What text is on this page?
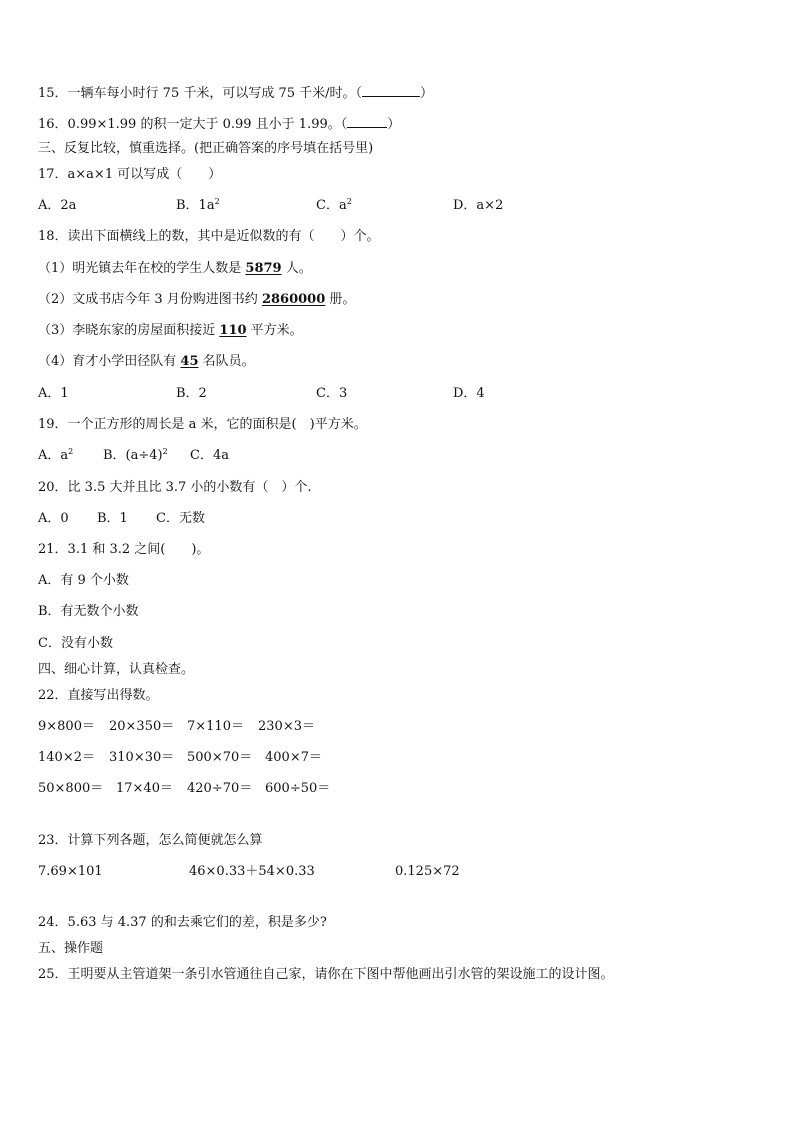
15．一辆车每小时行 75 千米，可以写成 75 千米/时。（	）
16．0.99×1.99 的积一定大于 0.99 且小于 1.99。（	）
三、反复比较，慎重选择。(把正确答案的序号填在括号里)
17．a×a×1 可以写成（　　）
A．2a	B．$1a^2$	C．$a^2$	D．a×2
18．读出下面横线上的数，其中是近似数的有（　　）个。
（1）明光镇去年在校的学生人数是 5879 人。
（2）文成书店今年 3 月份购进图书约 2860000 册。
（3）李晓东家的房屋面积接近 110 平方米。
（4）育才小学田径队有 45 名队员。
A．1	B．2	C．3	D．4
19．一个正方形的周长是 a 米，它的面积是(　)平方米。
A．$a^2$ B．$(a\div 4)^2$ C．4a
20．比 3.5 大并且比 3.7 小的小数有（　）个.
A．0 B．1 C．无数
21．3.1 和 3.2 之间(　　)。
A．有 9 个小数
B．有无数个小数
C．没有小数
四、细心计算，认真检查。
22．直接写出得数。
9×800＝ 20×350＝ 7×110＝ 230×3＝
140×2＝ 310×30＝ 500×70＝ 400×7＝
50×800＝ 17×40＝ 420÷70＝ 600÷50＝
23．计算下列各题，怎么简便就怎么算
7.69×101	46×0.33＋54×0.33	0.125×72
24．5.63 与 4.37 的和去乘它们的差，积是多少?
五、操作题
25．王明要从主管道架一条引水管通往自己家，请你在下图中帮他画出引水管的架设施工的设计图。
